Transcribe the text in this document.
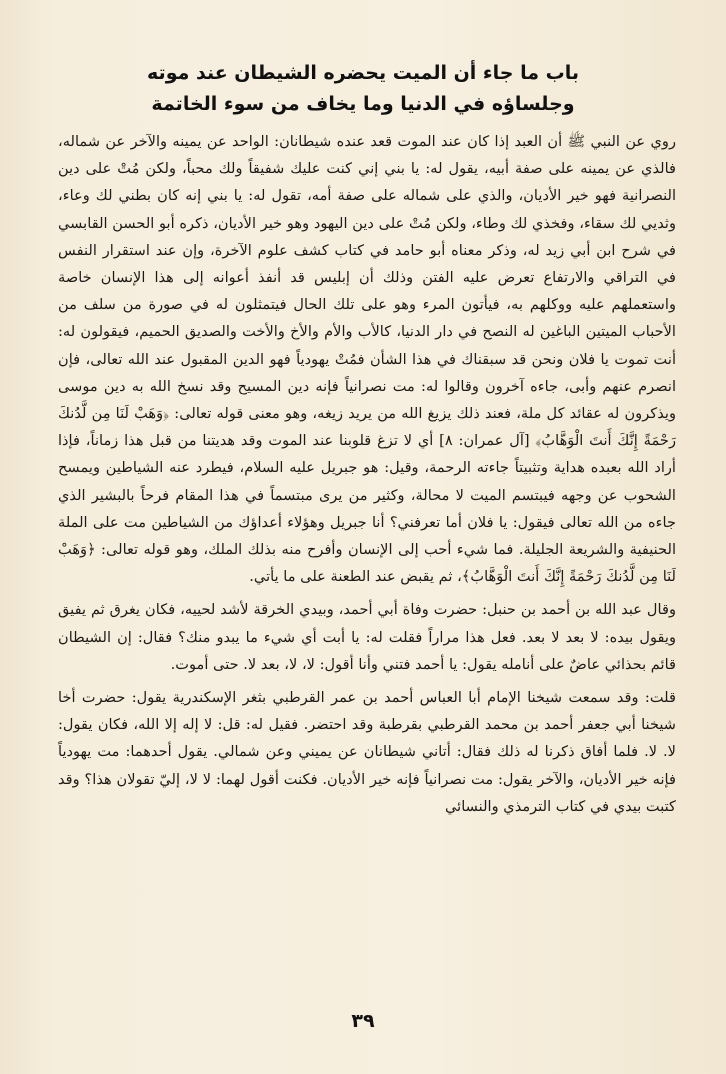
باب ما جاء أن الميت يحضره الشيطان عند موته
وجلساؤه في الدنيا وما يخاف من سوء الخاتمة

روي عن النبي ﷺ أن العبد إذا كان عند الموت قعد عنده شيطانان: الواحد عن يمينه والآخر عن شماله، فالذي عن يمينه على صفة أبيه، يقول له: يا بني إني كنت عليك شفيقاً ولك محباً، ولكن مُتْ على دين النصرانية فهو خير الأديان، والذي على شماله على صفة أمه، تقول له: يا بني إنه كان بطني لك وعاء، وثديي لك سقاء، وفخذي لك وطاء، ولكن مُتْ على دين اليهود وهو خير الأديان، ذكره أبو الحسن القابسي في شرح ابن أبي زيد له، وذكر معناه أبو حامد في كتاب كشف علوم الآخرة، وإن عند استقرار النفس في التراقي والارتفاع تعرض عليه الفتن وذلك أن إبليس قد أنفذ أعوانه إلى هذا الإنسان خاصة واستعملهم عليه ووكلهم به، فيأتون المرء وهو على تلك الحال فيتمثلون له في صورة من سلف من الأحباب الميتين الباغين له النصح في دار الدنيا، كالأب والأم والأخ والأخت والصديق الحميم، فيقولون له: أنت تموت يا فلان ونحن قد سبقناك في هذا الشأن فمُتْ يهودياً فهو الدين المقبول عند الله تعالى، فإن انصرم عنهم وأبى، جاءه آخرون وقالوا له: مت نصرانياً فإنه دين المسيح وقد نسخ الله به دين موسى ويذكرون له عقائد كل ملة، فعند ذلك يزيغ الله من يريد زيغه، وهو معنى قوله تعالى: ﴿وَهَبْ لَنَا مِن لَّدُنكَ رَحْمَةً إِنَّكَ أَنتَ الْوَهَّابُ﴾ [آل عمران: ٨] أي لا تزغ قلوبنا عند الموت وقد هديتنا من قبل هذا زماناً، فإذا أراد الله بعبده هداية وتثبيتاً جاءته الرحمة، وقيل: هو جبريل عليه السلام، فيطرد عنه الشياطين ويمسح الشحوب عن وجهه فيبتسم الميت لا محالة، وكثير من يرى مبتسماً في هذا المقام فرحاً بالبشير الذي جاءه من الله تعالى فيقول: يا فلان أما تعرفني؟ أنا جبريل وهؤلاء أعداؤك من الشياطين مت على الملة الحنيفية والشريعة الجليلة. فما شيء أحب إلى الإنسان وأفرح منه بذلك الملك، وهو قوله تعالى: ﴿وَهَبْ لَنَا مِن لَّدُنكَ رَحْمَةً إِنَّكَ أَنتَ الْوَهَّابُ﴾، ثم يقبض عند الطعنة على ما يأتي.

وقال عبد الله بن أحمد بن حنبل: حضرت وفاة أبي أحمد، وبيدي الخرقة لأشد لحييه، فكان يغرق ثم يفيق ويقول بيده: لا بعد لا بعد. فعل هذا مراراً فقلت له: يا أبت أي شيء ما يبدو منك؟ فقال: إن الشيطان قائم بحذائي عاضٌ على أنامله يقول: يا أحمد فتني وأنا أقول: لا، لا، بعد لا. حتى أموت.

قلت: وقد سمعت شيخنا الإمام أبا العباس أحمد بن عمر القرطبي بثغر الإسكندرية يقول: حضرت أخا شيخنا أبي جعفر أحمد بن محمد القرطبي بقرطبة وقد احتضر. فقيل له: قل: لا إله إلا الله، فكان يقول: لا. لا. فلما أفاق ذكرنا له ذلك فقال: أتاني شيطانان عن يميني وعن شمالي. يقول أحدهما: مت يهودياً فإنه خير الأديان، والآخر يقول: مت نصرانياً فإنه خير الأديان. فكنت أقول لهما: لا لا، إليّ تقولان هذا؟ وقد كتبت بيدي في كتاب الترمذي والنسائي

٣٩
